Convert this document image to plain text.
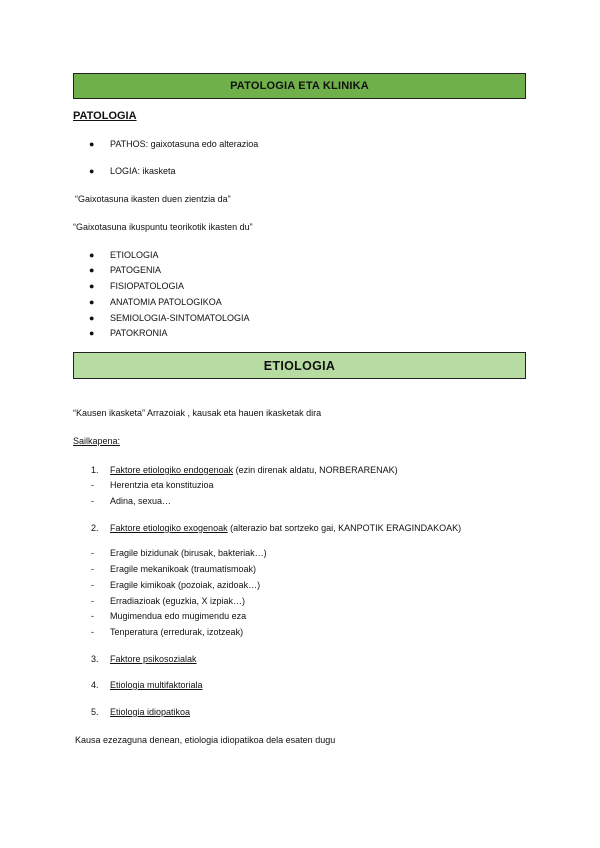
PATOLOGIA ETA KLINIKA
PATOLOGIA
● PATHOS: gaixotasuna edo alterazioa
● LOGIA: ikasketa
“Gaixotasuna ikasten duen zientzia da”
“Gaixotasuna ikuspuntu teorikotik ikasten du”
● ETIOLOGIA
● PATOGENIA
● FISIOPATOLOGIA
● ANATOMIA PATOLOGIKOA
● SEMIOLOGIA-SINTOMATOLOGIA
● PATOKRONIA
ETIOLOGIA
“Kausen ikasketa” Arrazoiak , kausak eta hauen ikasketak dira
Sailkapena:
1. Faktore etiologiko endogenoak (ezin direnak aldatu, NORBERARENAK)
- Herentzia eta konstituzioa
- Adina, sexua…
2. Faktore etiologiko exogenoak (alterazio bat sortzeko gai, KANPOTIK ERAGINDAKOAK)
- Eragile bizidunak (birusak, bakteriak…)
- Eragile mekanikoak (traumatismoak)
- Eragile kimikoak (pozoiak, azidoak…)
- Erradiazioak (eguzkia, X izpiak…)
- Mugimendua edo mugimendu eza
- Tenperatura (erredurak, izotzeak)
3. Faktore psikosozialak
4. Etiologia multifaktoriala
5. Etiologia idiopatikoa
Kausa ezezaguna denean, etiologia idiopatikoa dela esaten dugu
